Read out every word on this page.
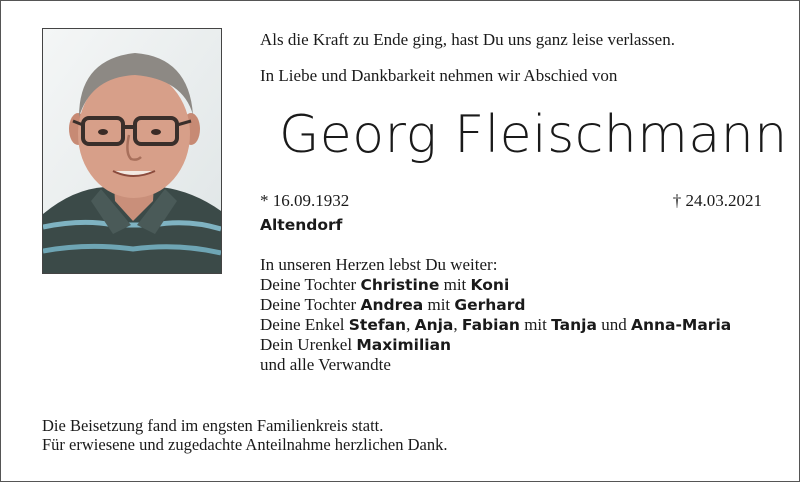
Als die Kraft zu Ende ging, hast Du uns ganz leise verlassen.
In Liebe und Dankbarkeit nehmen wir Abschied von
Georg Fleischmann
* 16.09.1932	† 24.03.2021
Altendorf
In unseren Herzen lebst Du weiter:
Deine Tochter Christine mit Koni
Deine Tochter Andrea mit Gerhard
Deine Enkel Stefan, Anja, Fabian mit Tanja und Anna-Maria
Dein Urenkel Maximilian
und alle Verwandte
Die Beisetzung fand im engsten Familienkreis statt.
Für erwiesene und zugedachte Anteilnahme herzlichen Dank.
